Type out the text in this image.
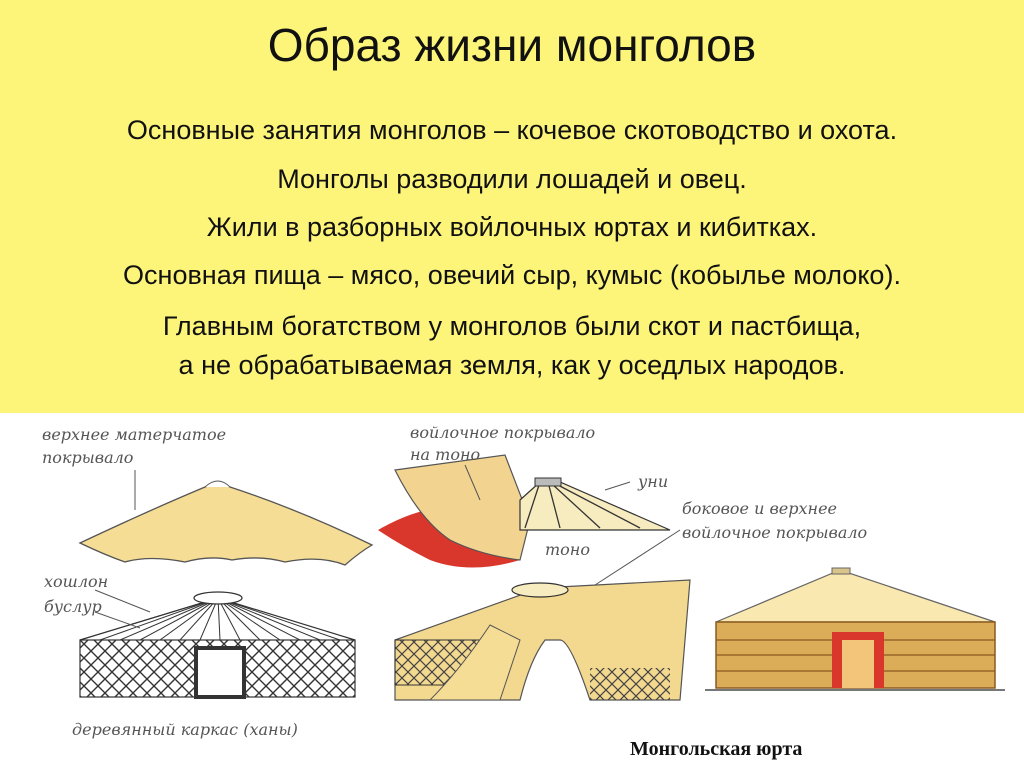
Образ жизни монголов
Основные занятия монголов – кочевое скотоводство и охота.
Монголы разводили лошадей и овец.
Жили в разборных войлочных юртах и кибитках.
Основная пища – мясо, овечий сыр, кумыс (кобылье молоко).
Главным богатством у монголов были скот и пастбища,
а не обрабатываемая земля, как у оседлых народов.
верхнее матерчатое
покрывало
войлочное покрывало
на тоно
уни
боковое и верхнее
войлочное покрывало
тоно
хошлон
буслур
деревянный каркас (ханы)
Монгольская юрта
